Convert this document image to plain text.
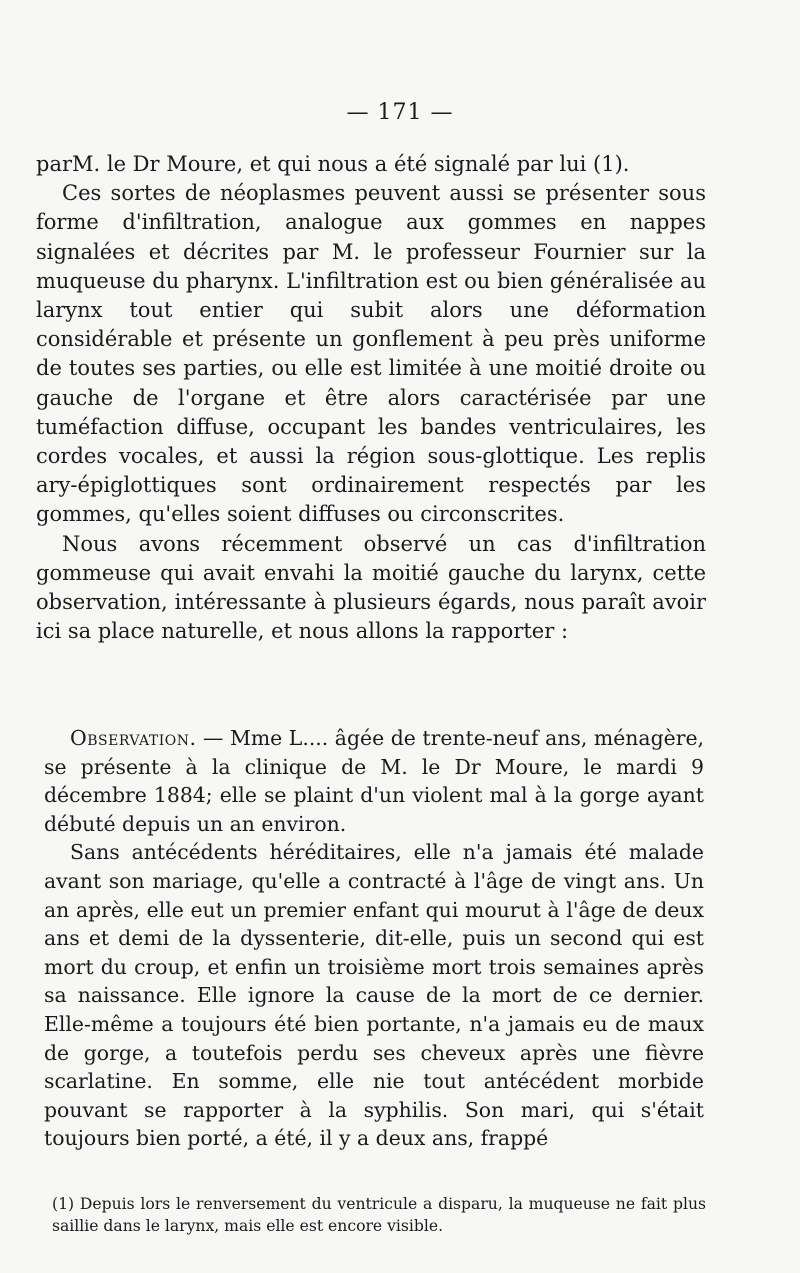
— 171 —

parM. le Dr Moure, et qui nous a été signalé par lui (1).

Ces sortes de néoplasmes peuvent aussi se présenter sous forme d'infiltration, analogue aux gommes en nappes signalées et décrites par M. le professeur Fournier sur la muqueuse du pharynx. L'infiltration est ou bien généralisée au larynx tout entier qui subit alors une déformation considérable et présente un gonflement à peu près uniforme de toutes ses parties, ou elle est limitée à une moitié droite ou gauche de l'organe et être alors caractérisée par une tuméfaction diffuse, occupant les bandes ventriculaires, les cordes vocales, et aussi la région sous-glottique. Les replis ary-épiglottiques sont ordinairement respectés par les gommes, qu'elles soient diffuses ou circonscrites.

Nous avons récemment observé un cas d'infiltration gommeuse qui avait envahi la moitié gauche du larynx, cette observation, intéressante à plusieurs égards, nous paraît avoir ici sa place naturelle, et nous allons la rapporter :

Observation. — Mme L.... âgée de trente-neuf ans, ménagère, se présente à la clinique de M. le Dr Moure, le mardi 9 décembre 1884; elle se plaint d'un violent mal à la gorge ayant débuté depuis un an environ.

Sans antécédents héréditaires, elle n'a jamais été malade avant son mariage, qu'elle a contracté à l'âge de vingt ans. Un an après, elle eut un premier enfant qui mourut à l'âge de deux ans et demi de la dyssenterie, dit-elle, puis un second qui est mort du croup, et enfin un troisième mort trois semaines après sa naissance. Elle ignore la cause de la mort de ce dernier. Elle-même a toujours été bien portante, n'a jamais eu de maux de gorge, a toutefois perdu ses cheveux après une fièvre scarlatine. En somme, elle nie tout antécédent morbide pouvant se rapporter à la syphilis. Son mari, qui s'était toujours bien porté, a été, il y a deux ans, frappé

(1) Depuis lors le renversement du ventricule a disparu, la muqueuse ne fait plus saillie dans le larynx, mais elle est encore visible.
